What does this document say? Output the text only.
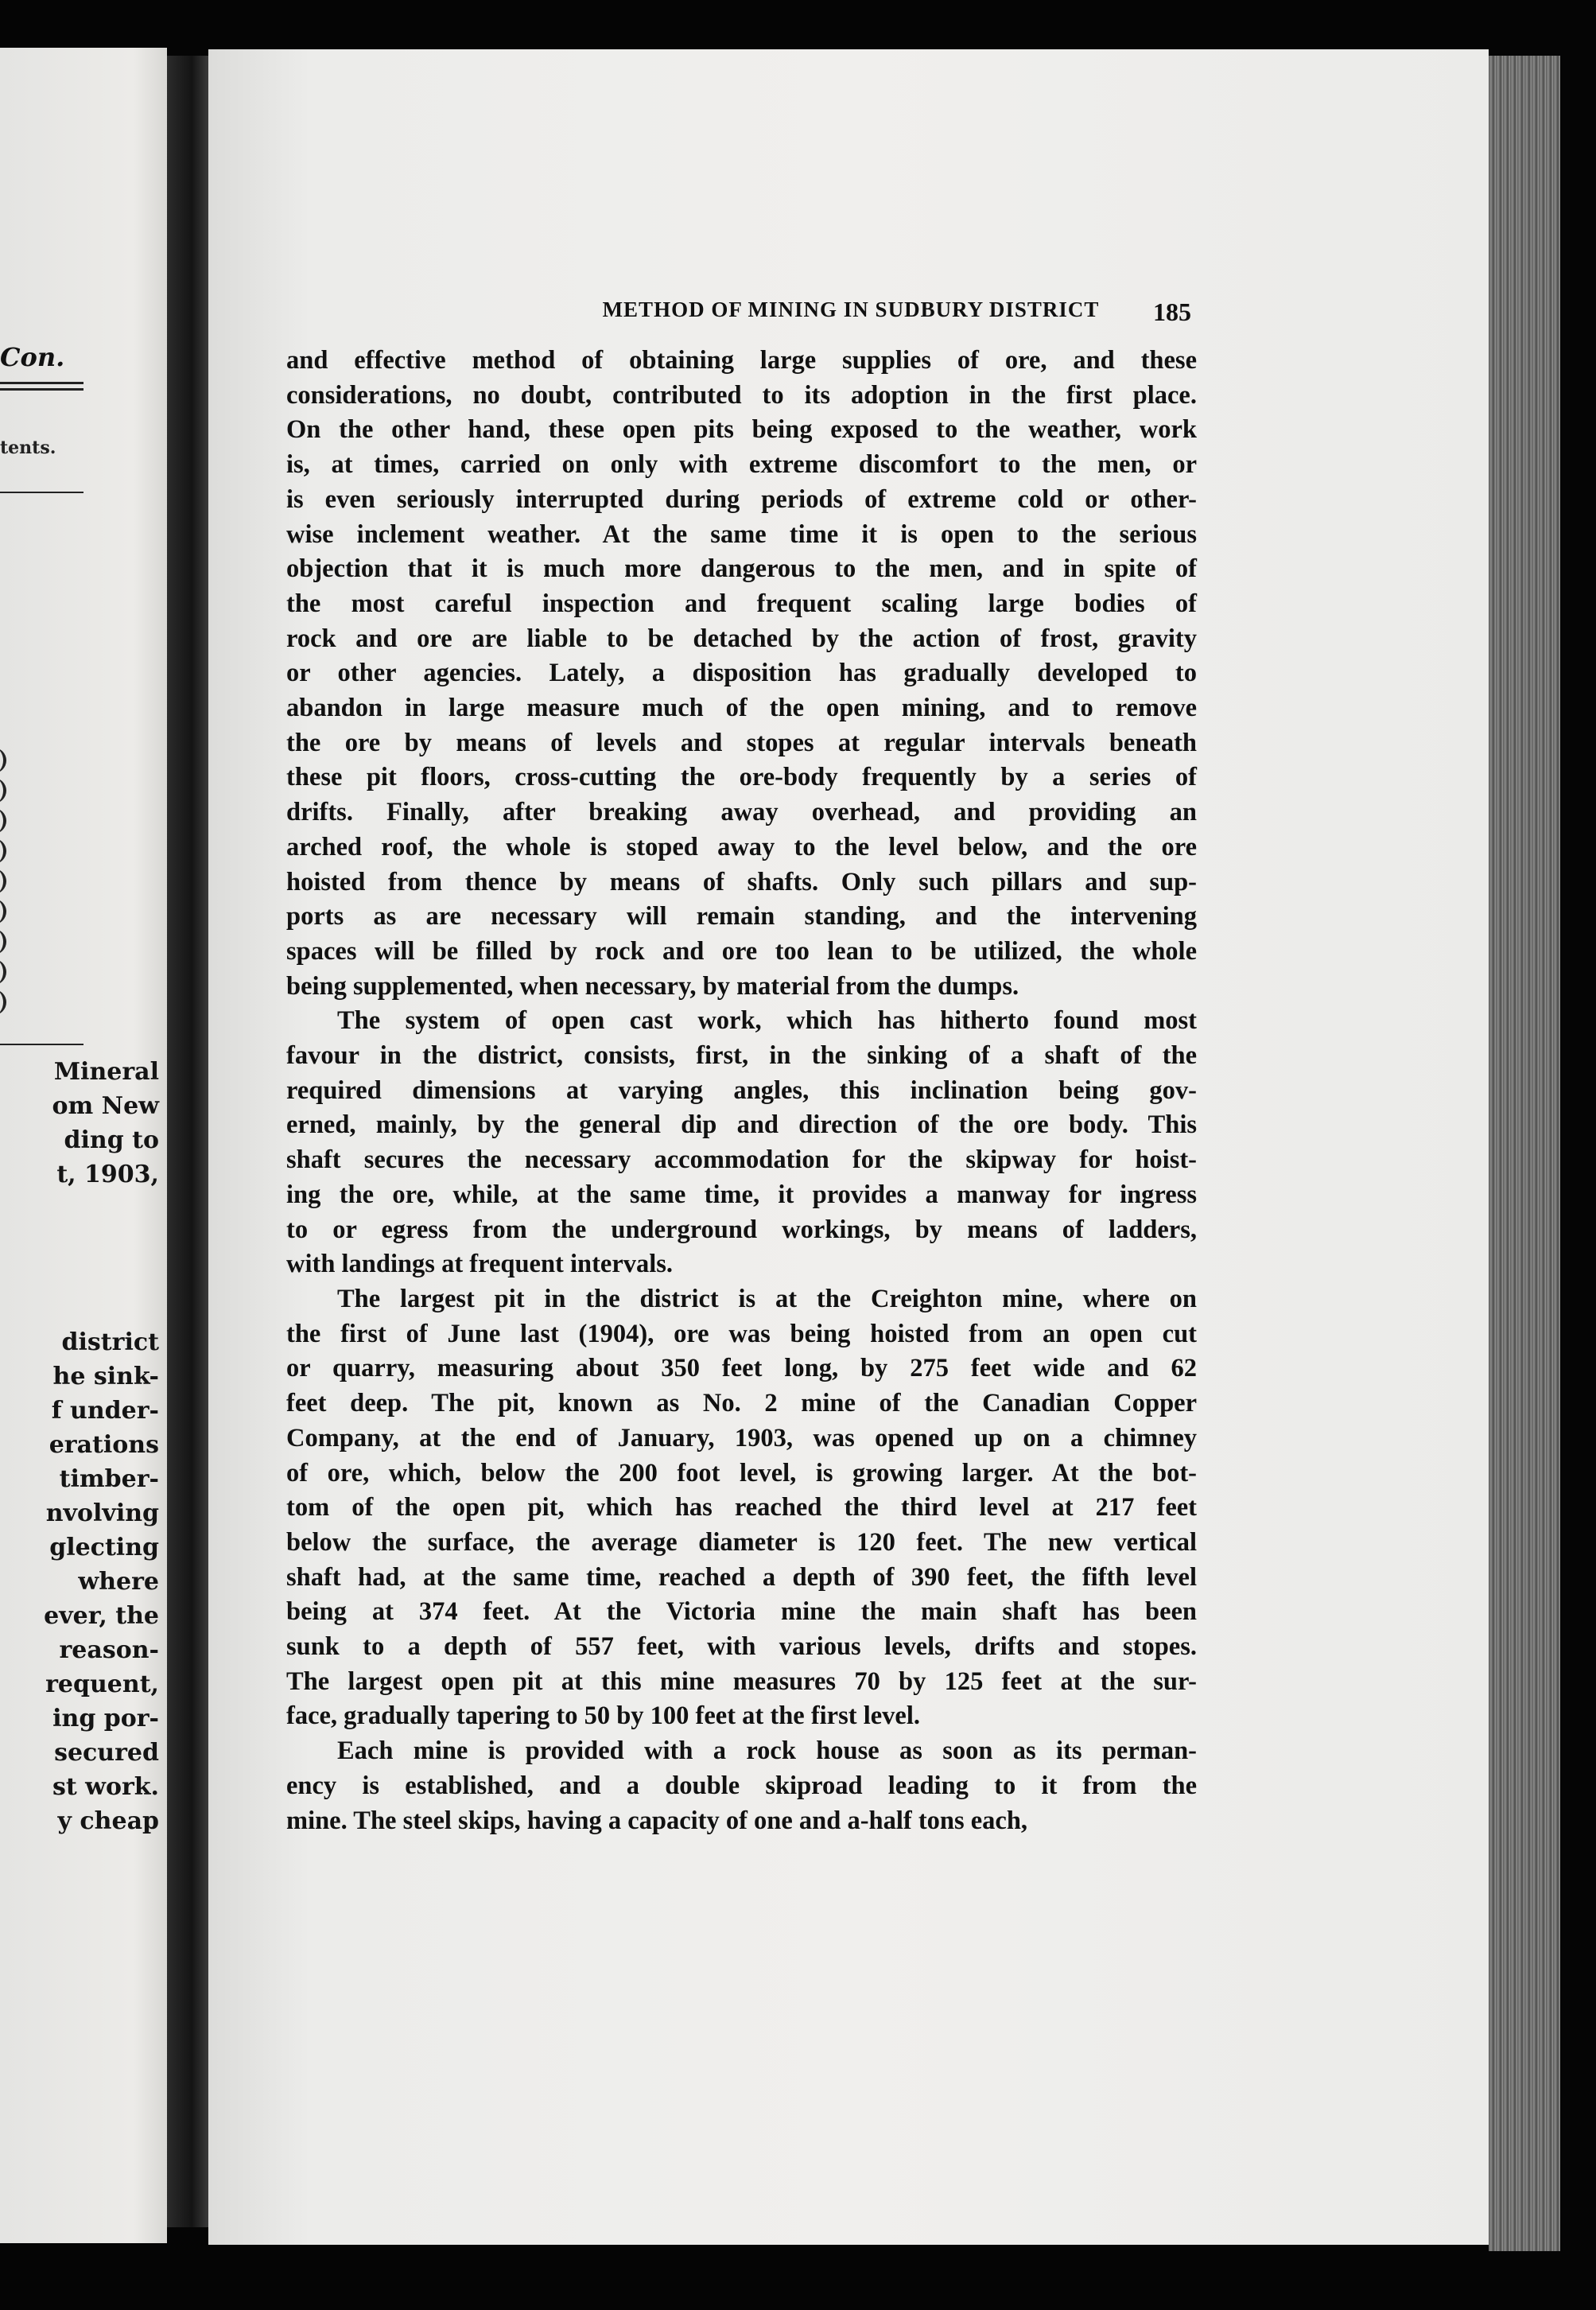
Con.
tents.
Mineral
om New
ding to
t, 1903,
district
he sink-
f under-
erations
timber-
nvolving
glecting
where
ever, the
reason-
requent,
ing por-
secured
st work.
y cheap
METHOD OF MINING IN SUDBURY DISTRICT	185
and effective method of obtaining large supplies of ore, and these
considerations, no doubt, contributed to its adoption in the first place.
On the other hand, these open pits being exposed to the weather, work
is, at times, carried on only with extreme discomfort to the men, or
is even seriously interrupted during periods of extreme cold or other-
wise inclement weather. At the same time it is open to the serious
objection that it is much more dangerous to the men, and in spite of
the most careful inspection and frequent scaling large bodies of
rock and ore are liable to be detached by the action of frost, gravity
or other agencies. Lately, a disposition has gradually developed to
abandon in large measure much of the open mining, and to remove
the ore by means of levels and stopes at regular intervals beneath
these pit floors, cross-cutting the ore-body frequently by a series of
drifts. Finally, after breaking away overhead, and providing an
arched roof, the whole is stoped away to the level below, and the ore
hoisted from thence by means of shafts. Only such pillars and sup-
ports as are necessary will remain standing, and the intervening
spaces will be filled by rock and ore too lean to be utilized, the whole
being supplemented, when necessary, by material from the dumps.
The system of open cast work, which has hitherto found most
favour in the district, consists, first, in the sinking of a shaft of the
required dimensions at varying angles, this inclination being gov-
erned, mainly, by the general dip and direction of the ore body. This
shaft secures the necessary accommodation for the skipway for hoist-
ing the ore, while, at the same time, it provides a manway for ingress
to or egress from the underground workings, by means of ladders,
with landings at frequent intervals.
The largest pit in the district is at the Creighton mine, where on
the first of June last (1904), ore was being hoisted from an open cut
or quarry, measuring about 350 feet long, by 275 feet wide and 62
feet deep. The pit, known as No. 2 mine of the Canadian Copper
Company, at the end of January, 1903, was opened up on a chimney
of ore, which, below the 200 foot level, is growing larger. At the bot-
tom of the open pit, which has reached the third level at 217 feet
below the surface, the average diameter is 120 feet. The new vertical
shaft had, at the same time, reached a depth of 390 feet, the fifth level
being at 374 feet. At the Victoria mine the main shaft has been
sunk to a depth of 557 feet, with various levels, drifts and stopes.
The largest open pit at this mine measures 70 by 125 feet at the sur-
face, gradually tapering to 50 by 100 feet at the first level.
Each mine is provided with a rock house as soon as its perman-
ency is established, and a double skiproad leading to it from the
mine. The steel skips, having a capacity of one and a-half tons each,
